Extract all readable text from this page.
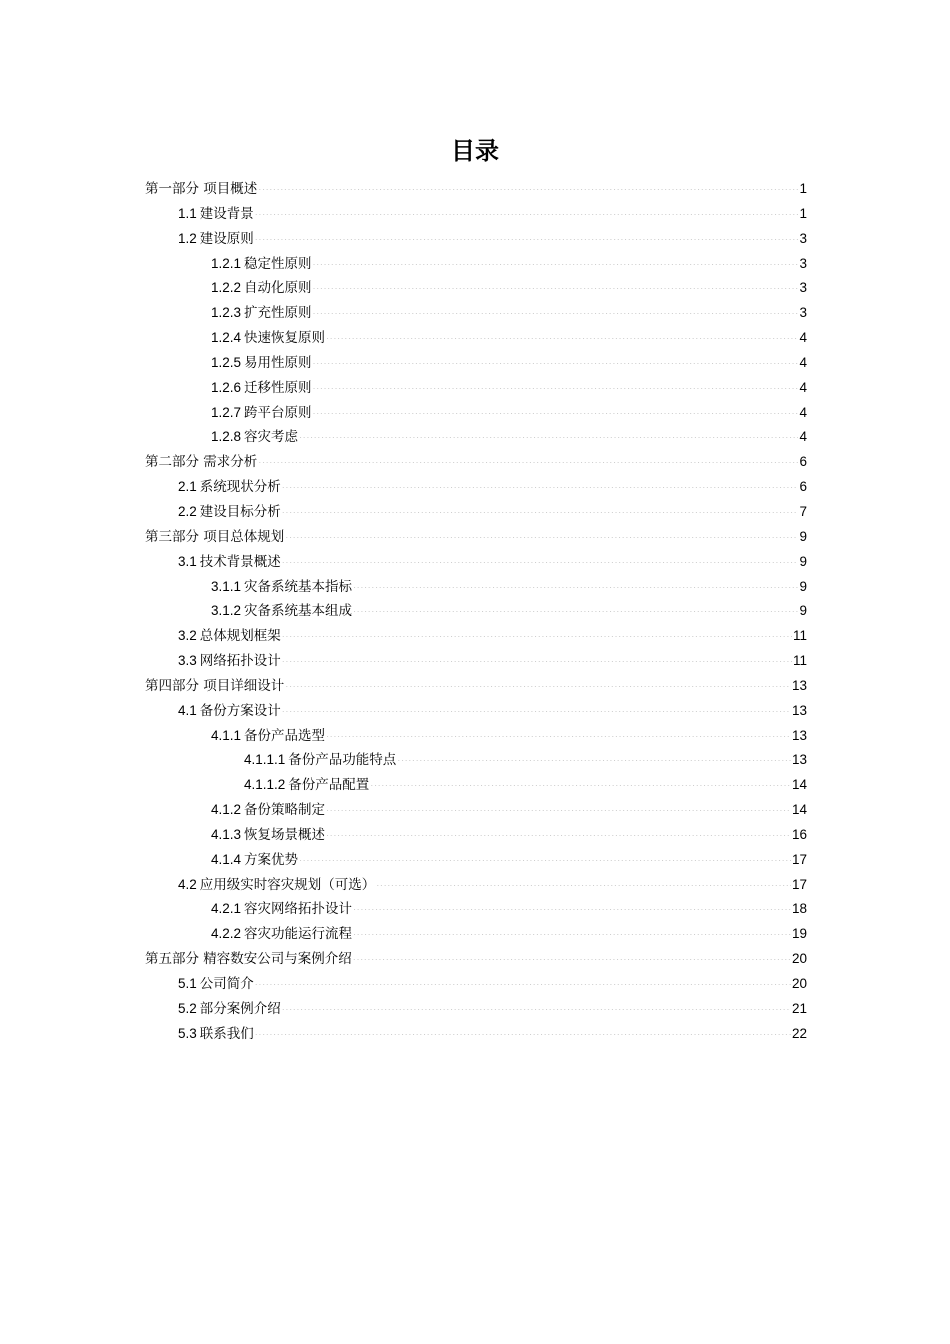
目录
第一部分 项目概述 .....	1
1.1 建设背景 .....	1
1.2 建设原则 .....	3
1.2.1 稳定性原则 .....	3
1.2.2 自动化原则 .....	3
1.2.3 扩充性原则 .....	3
1.2.4 快速恢复原则 .....	4
1.2.5 易用性原则 .....	4
1.2.6 迁移性原则 .....	4
1.2.7 跨平台原则 .....	4
1.2.8 容灾考虑 .....	4
第二部分 需求分析 .....	6
2.1 系统现状分析 .....	6
2.2 建设目标分析 .....	7
第三部分 项目总体规划 .....	9
3.1 技术背景概述 .....	9
3.1.1 灾备系统基本指标 .....	9
3.1.2 灾备系统基本组成 .....	9
3.2 总体规划框架 .....	11
3.3 网络拓扑设计 .....	11
第四部分 项目详细设计 .....	13
4.1 备份方案设计 .....	13
4.1.1 备份产品选型 .....	13
4.1.1.1 备份产品功能特点 .....	13
4.1.1.2 备份产品配置 .....	14
4.1.2 备份策略制定 .....	14
4.1.3 恢复场景概述 .....	16
4.1.4 方案优势 .....	17
4.2 应用级实时容灾规划（可选） .....	17
4.2.1 容灾网络拓扑设计 .....	18
4.2.2 容灾功能运行流程 .....	19
第五部分 精容数安公司与案例介绍 .....	20
5.1 公司简介 .....	20
5.2 部分案例介绍 .....	21
5.3 联系我们 .....	22
